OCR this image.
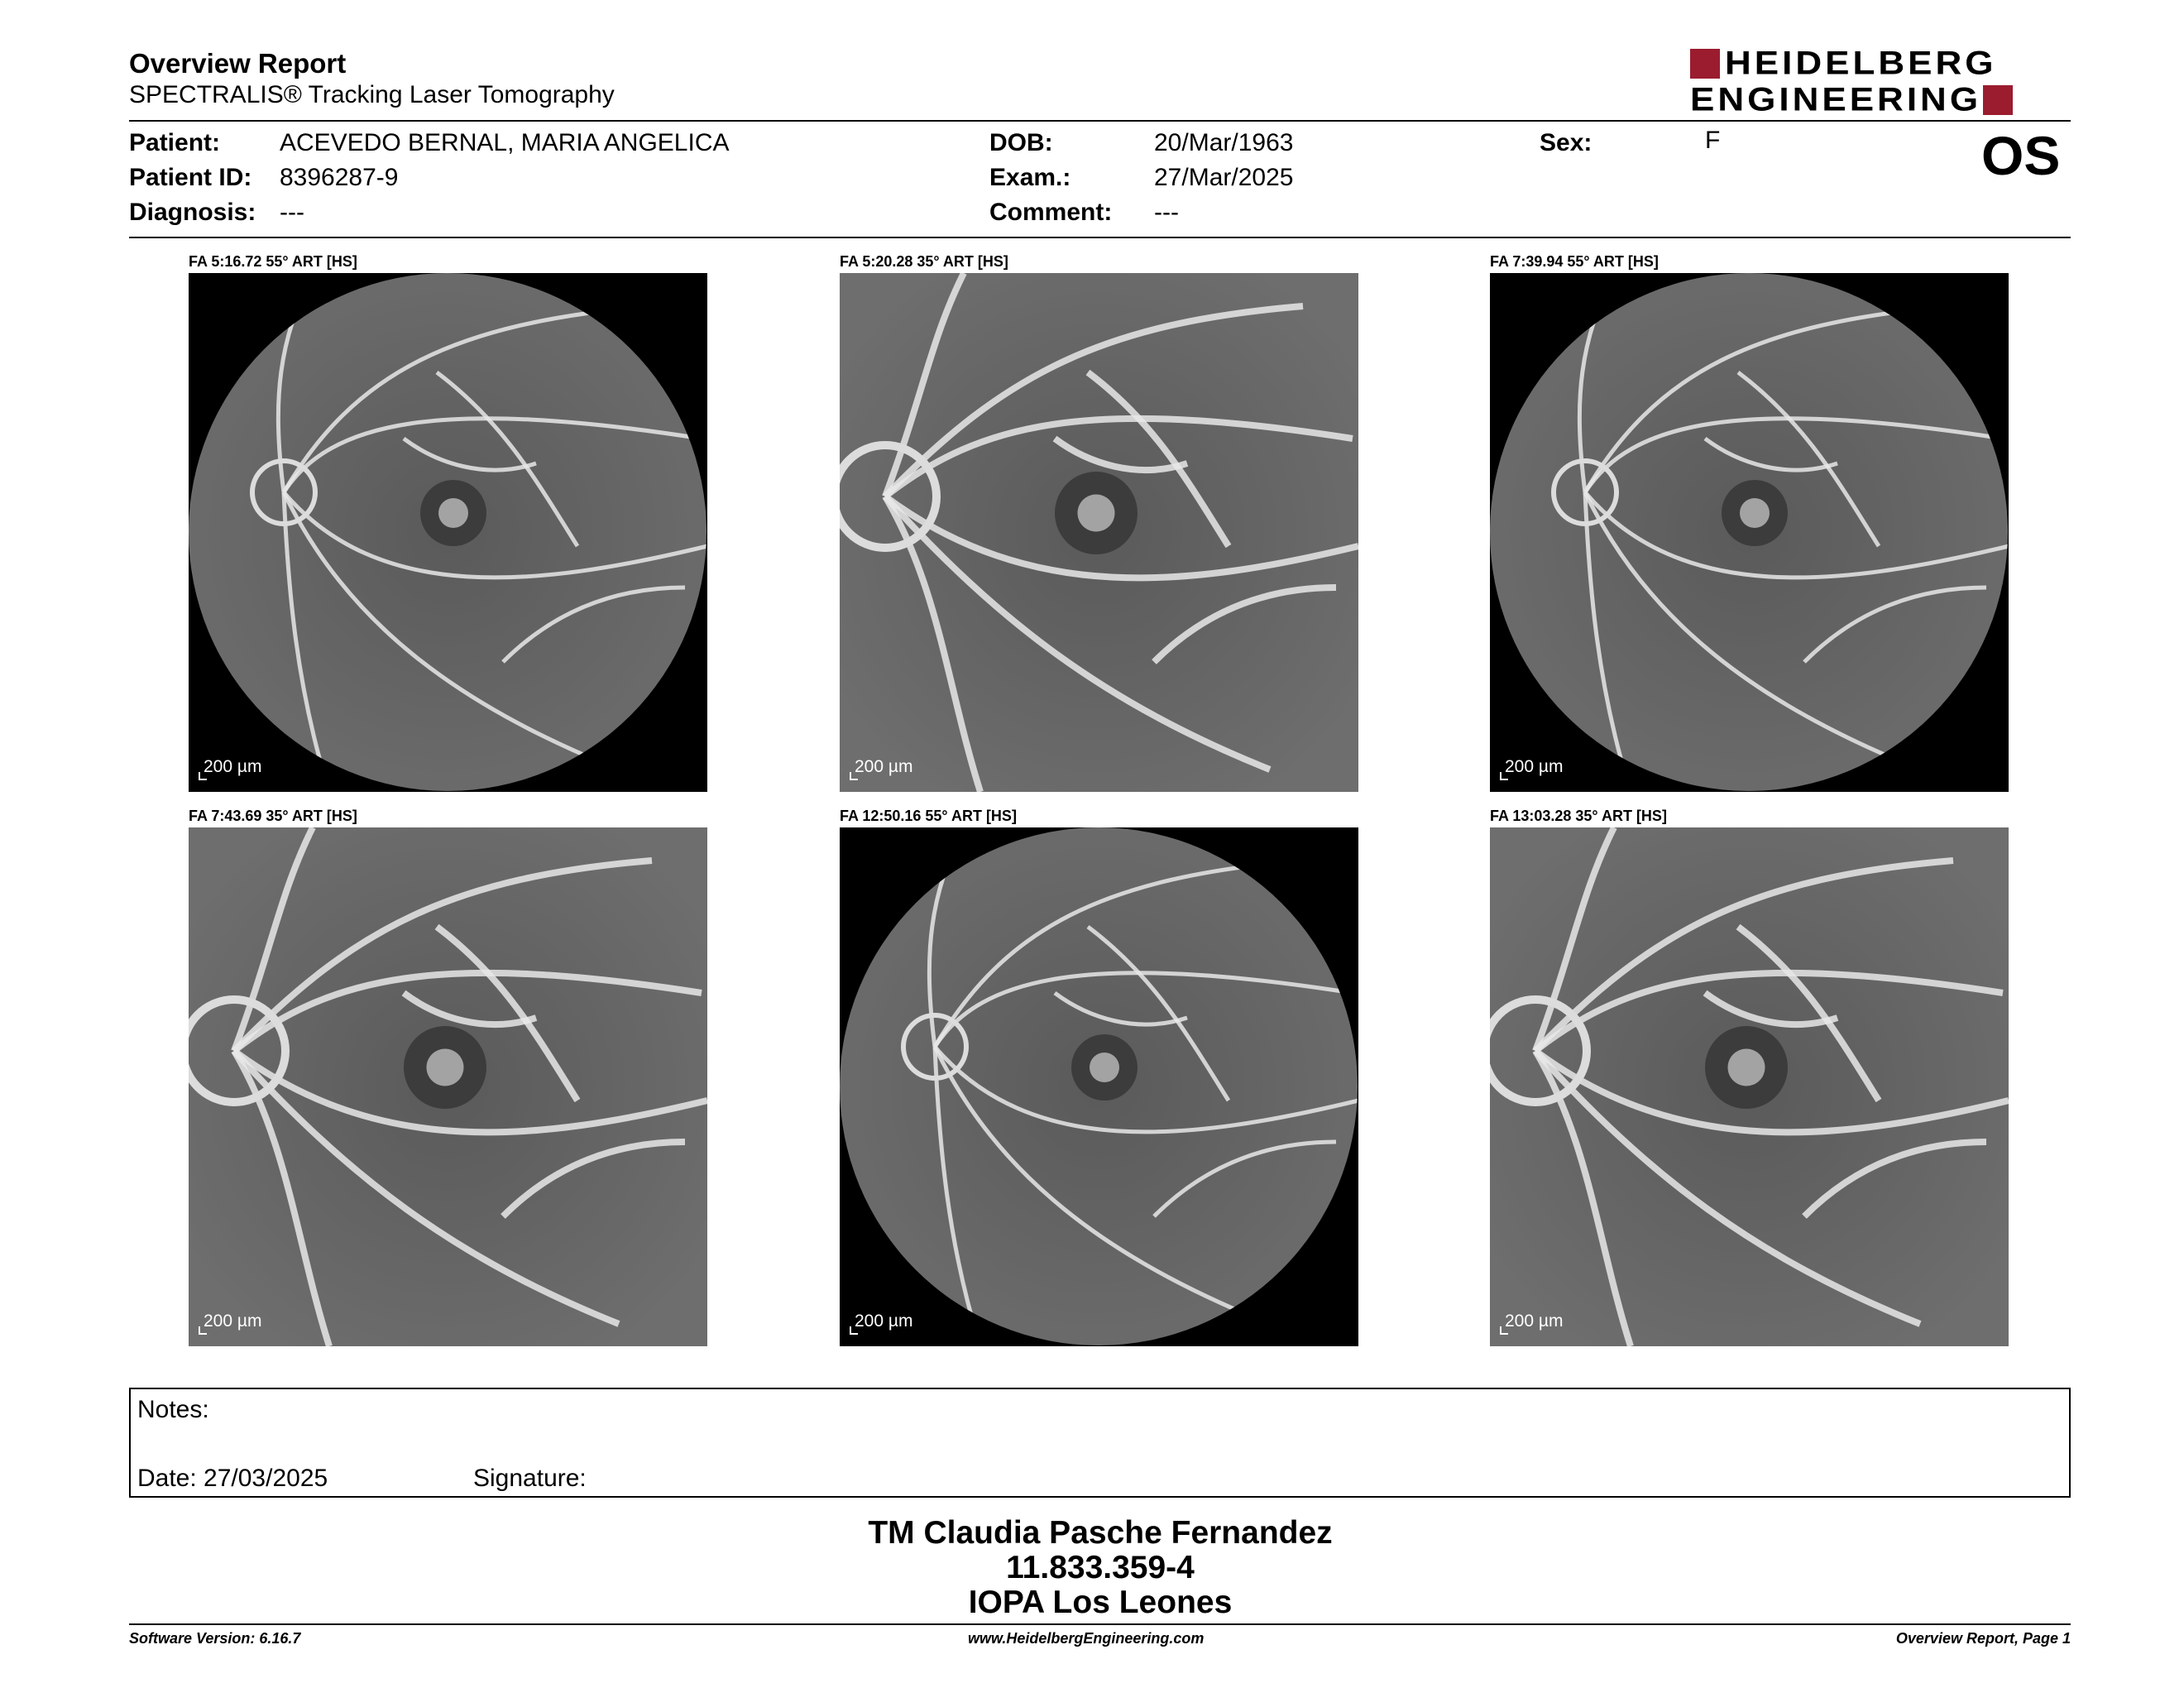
Overview Report
SPECTRALIS® Tracking Laser Tomography
HEIDELBERG
ENGINEERING
Patient: ACEVEDO BERNAL, MARIA ANGELICA
Patient ID: 8396287-9
Diagnosis: ---
DOB:	20/Mar/1963
Exam.:	27/Mar/2025
Comment: ---
Sex:	F	OS
FA 5:16.72 55° ART [HS]
200 µm
FA 5:20.28 35° ART [HS]
200 µm
FA 7:39.94 55° ART [HS]
200 µm
FA 7:43.69 35° ART [HS]
200 µm
FA 12:50.16 55° ART [HS]
200 µm
FA 13:03.28 35° ART [HS]
200 µm
Notes:
Date: 27/03/2025	Signature:
TM Claudia Pasche Fernandez
11.833.359-4
IOPA Los Leones
Software Version: 6.16.7	www.HeidelbergEngineering.com	Overview Report, Page 1
